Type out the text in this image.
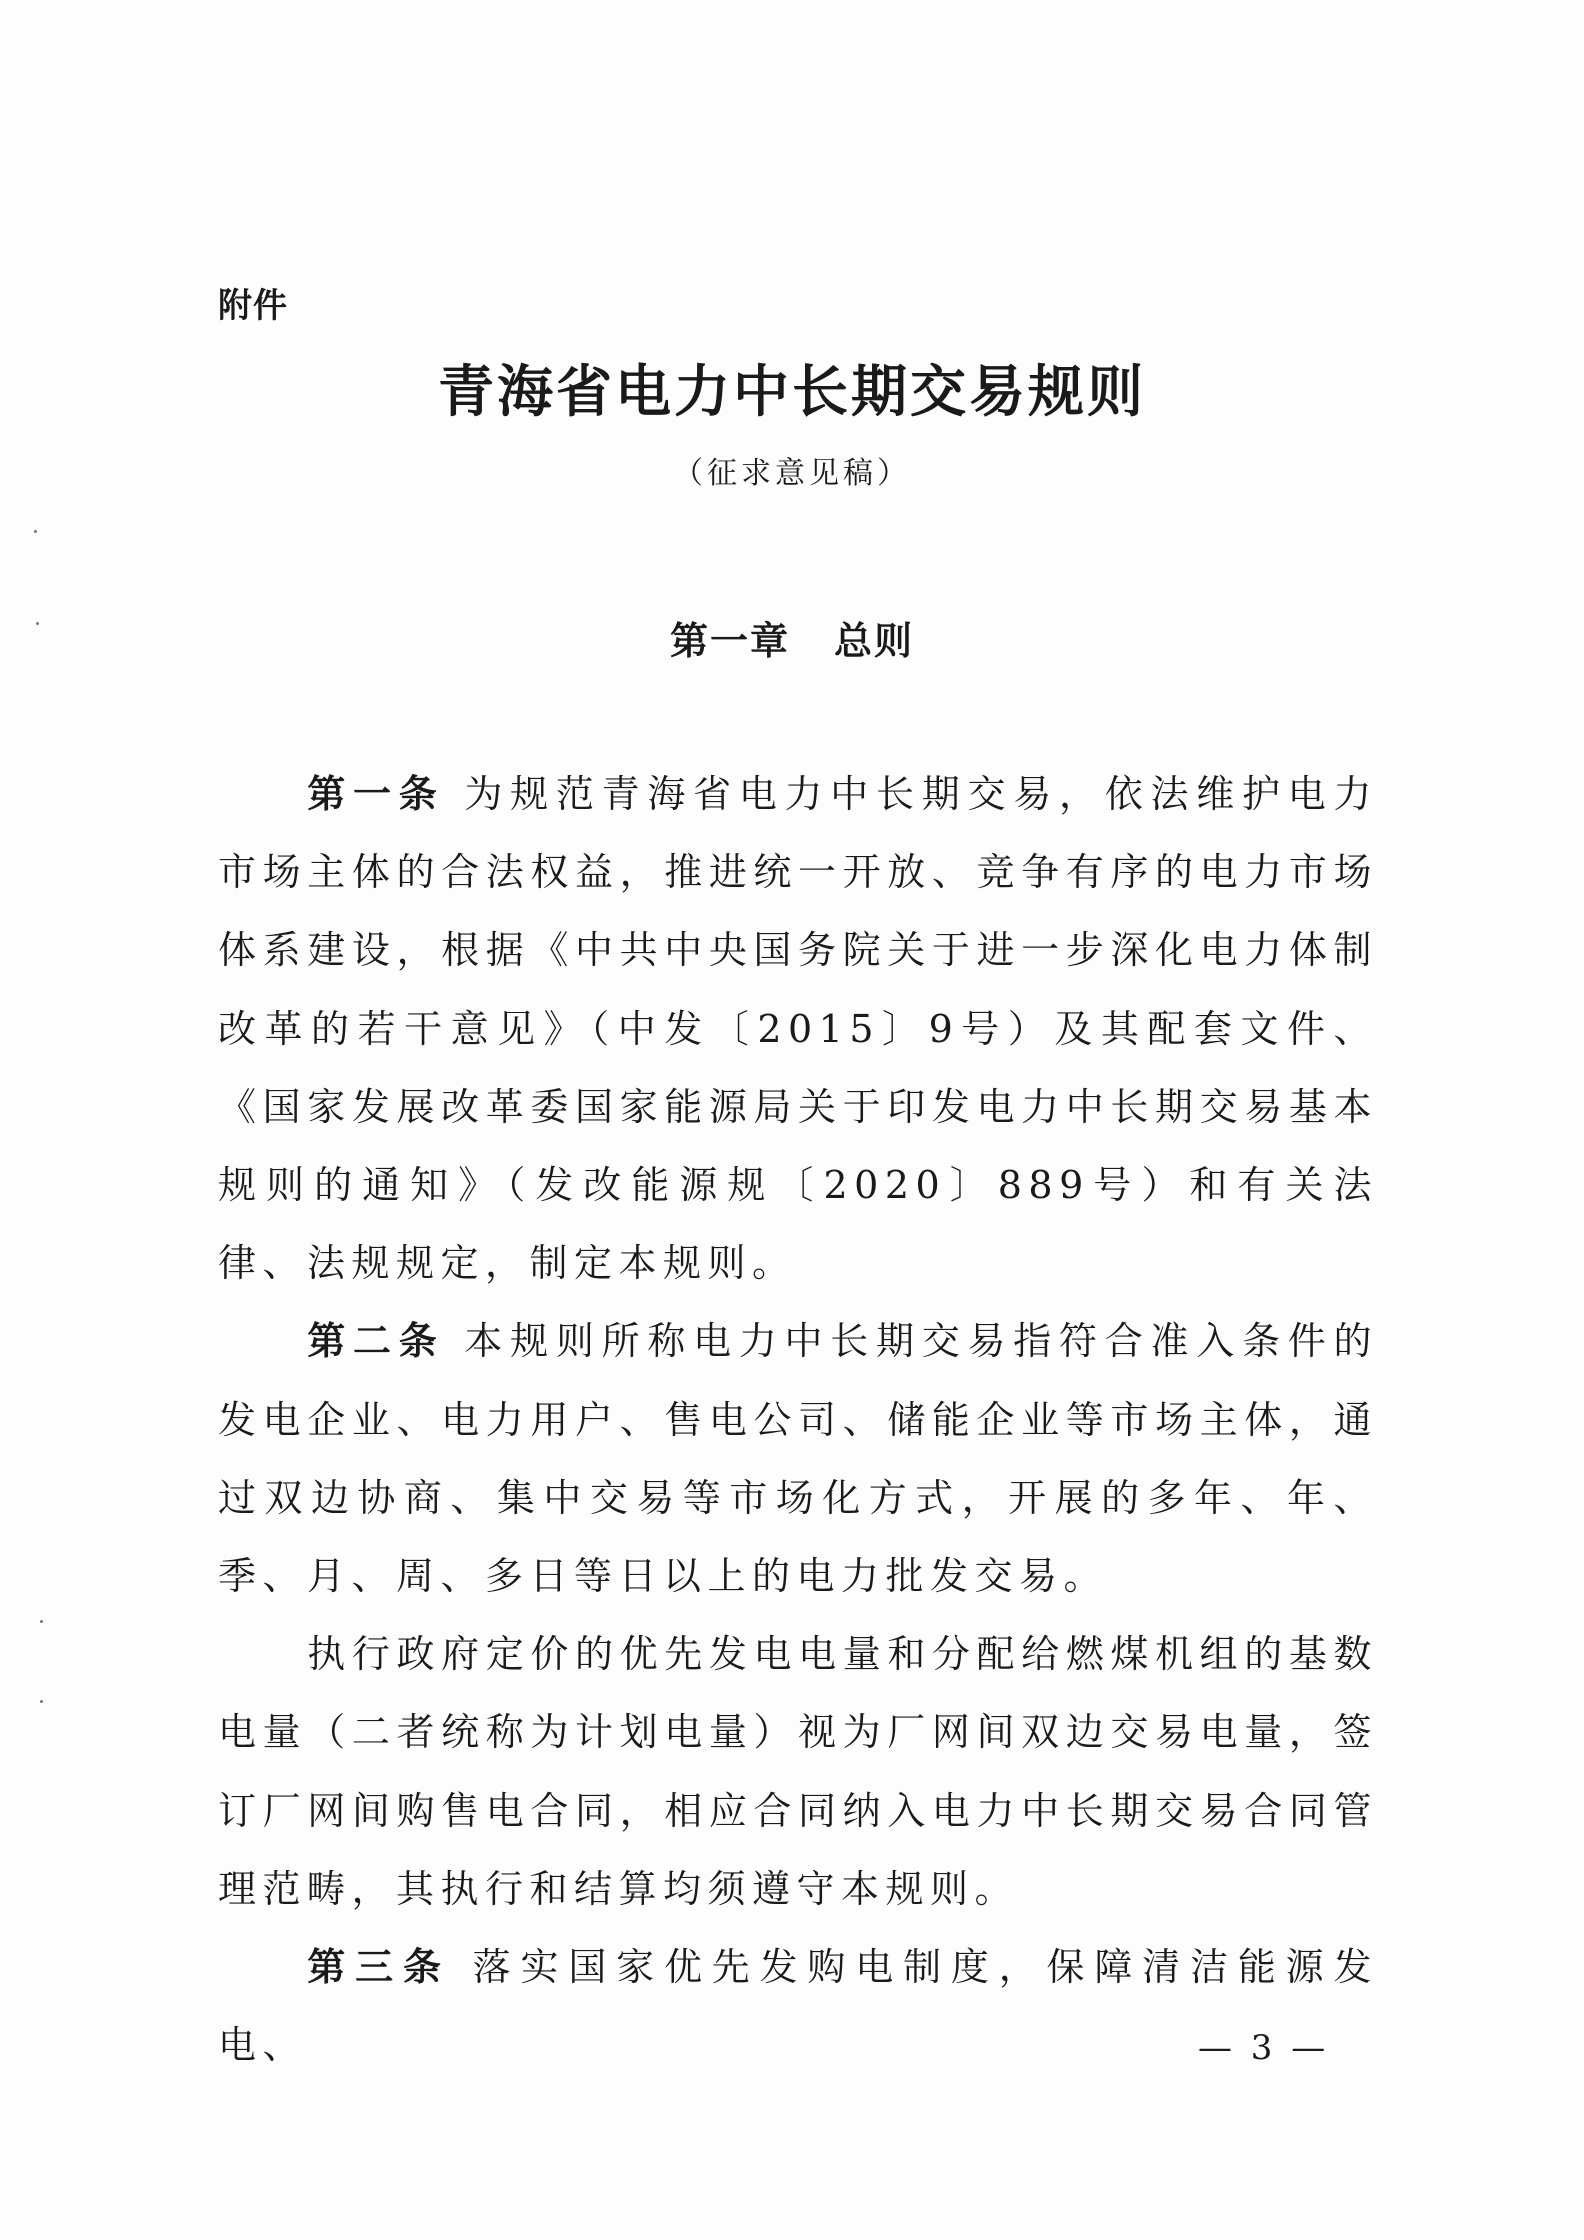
附件
青海省电力中长期交易规则
（征求意见稿）
第一章 总则

第一条 为规范青海省电力中长期交易，依法维护电力市场主体的合法权益，推进统一开放、竞争有序的电力市场体系建设，根据《中共中央国务院关于进一步深化电力体制改革的若干意见》（中发〔2015〕9号）及其配套文件、《国家发展改革委国家能源局关于印发电力中长期交易基本规则的通知》（发改能源规〔2020〕889号）和有关法律、法规规定，制定本规则。

第二条 本规则所称电力中长期交易指符合准入条件的发电企业、电力用户、售电公司、储能企业等市场主体，通过双边协商、集中交易等市场化方式，开展的多年、年、季、月、周、多日等日以上的电力批发交易。

执行政府定价的优先发电电量和分配给燃煤机组的基数电量（二者统称为计划电量）视为厂网间双边交易电量，签订厂网间购售电合同，相应合同纳入电力中长期交易合同管理范畴，其执行和结算均须遵守本规则。

第三条 落实国家优先发购电制度，保障清洁能源发电、	— 3 —
